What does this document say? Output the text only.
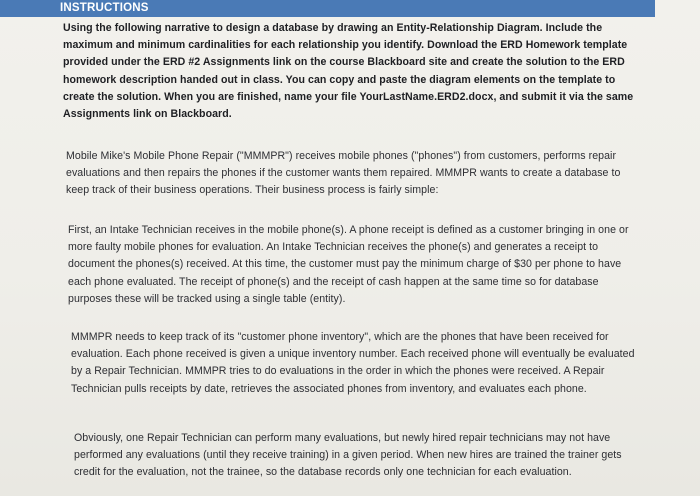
INSTRUCTIONS

Using the following narrative to design a database by drawing an Entity-Relationship Diagram. Include the maximum and minimum cardinalities for each relationship you identify. Download the ERD Homework template provided under the ERD #2 Assignments link on the course Blackboard site and create the solution to the ERD homework description handed out in class. You can copy and paste the diagram elements on the template to create the solution. When you are finished, name your file YourLastName.ERD2.docx, and submit it via the same Assignments link on Blackboard.

Mobile Mike's Mobile Phone Repair ("MMMPR") receives mobile phones ("phones") from customers, performs repair evaluations and then repairs the phones if the customer wants them repaired. MMMPR wants to create a database to keep track of their business operations. Their business process is fairly simple:

First, an Intake Technician receives in the mobile phone(s). A phone receipt is defined as a customer bringing in one or more faulty mobile phones for evaluation. An Intake Technician receives the phone(s) and generates a receipt to document the phones(s) received. At this time, the customer must pay the minimum charge of $30 per phone to have each phone evaluated. The receipt of phone(s) and the receipt of cash happen at the same time so for database purposes these will be tracked using a single table (entity).

MMMPR needs to keep track of its "customer phone inventory", which are the phones that have been received for evaluation. Each phone received is given a unique inventory number. Each received phone will eventually be evaluated by a Repair Technician. MMMPR tries to do evaluations in the order in which the phones were received. A Repair Technician pulls receipts by date, retrieves the associated phones from inventory, and evaluates each phone.

Obviously, one Repair Technician can perform many evaluations, but newly hired repair technicians may not have performed any evaluations (until they receive training) in a given period. When new hires are trained the trainer gets credit for the evaluation, not the trainee, so the database records only one technician for each evaluation.
